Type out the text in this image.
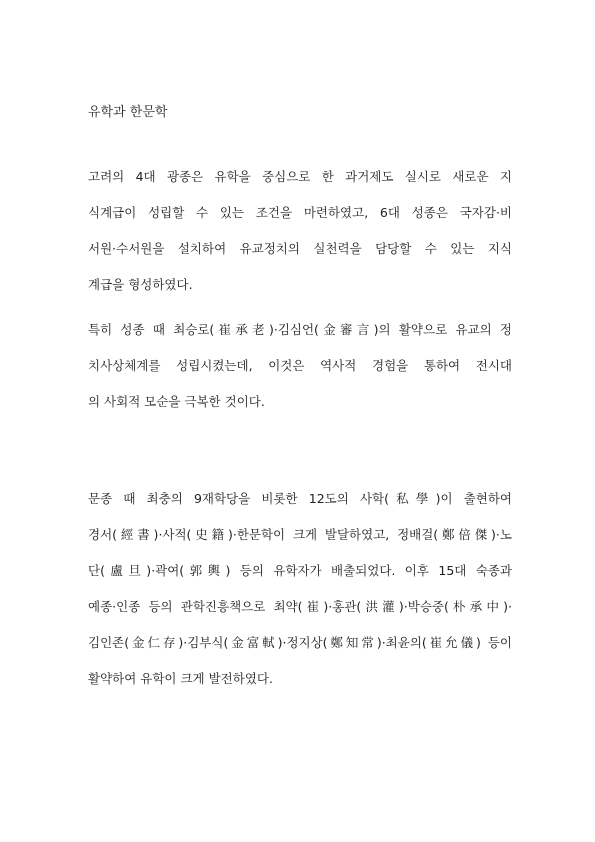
유학과 한문학
고려의 4대 광종은 유학을 중심으로 한 과거제도 실시로 새로운 지
식계급이 성립할 수 있는 조건을 마련하였고, 6대 성종은 국자감·비
서원·수서원을 설치하여 유교정치의 실천력을 담당할 수 있는 지식
계급을 형성하였다.
특히 성종 때 최승로(崔承老)·김심언(金審言)의 활약으로 유교의 정
치사상체계를 성립시켰는데, 이것은 역사적 경험을 통하여 전시대
의 사회적 모순을 극복한 것이다.
문종 때 최충의 9재학당을 비롯한 12도의 사학(私學)이 출현하여
경서(經書)·사적(史籍)·한문학이 크게 발달하였고, 정배걸(鄭倍傑)·노
단(盧旦)·곽여(郭輿) 등의 유학자가 배출되었다. 이후 15대 숙종과
예종·인종 등의 관학진흥책으로 최약(崔)·홍관(洪灌)·박승중(朴承中)·
김인존(金仁存)·김부식(金富軾)·정지상(鄭知常)·최윤의(崔允儀) 등이
활약하여 유학이 크게 발전하였다.
